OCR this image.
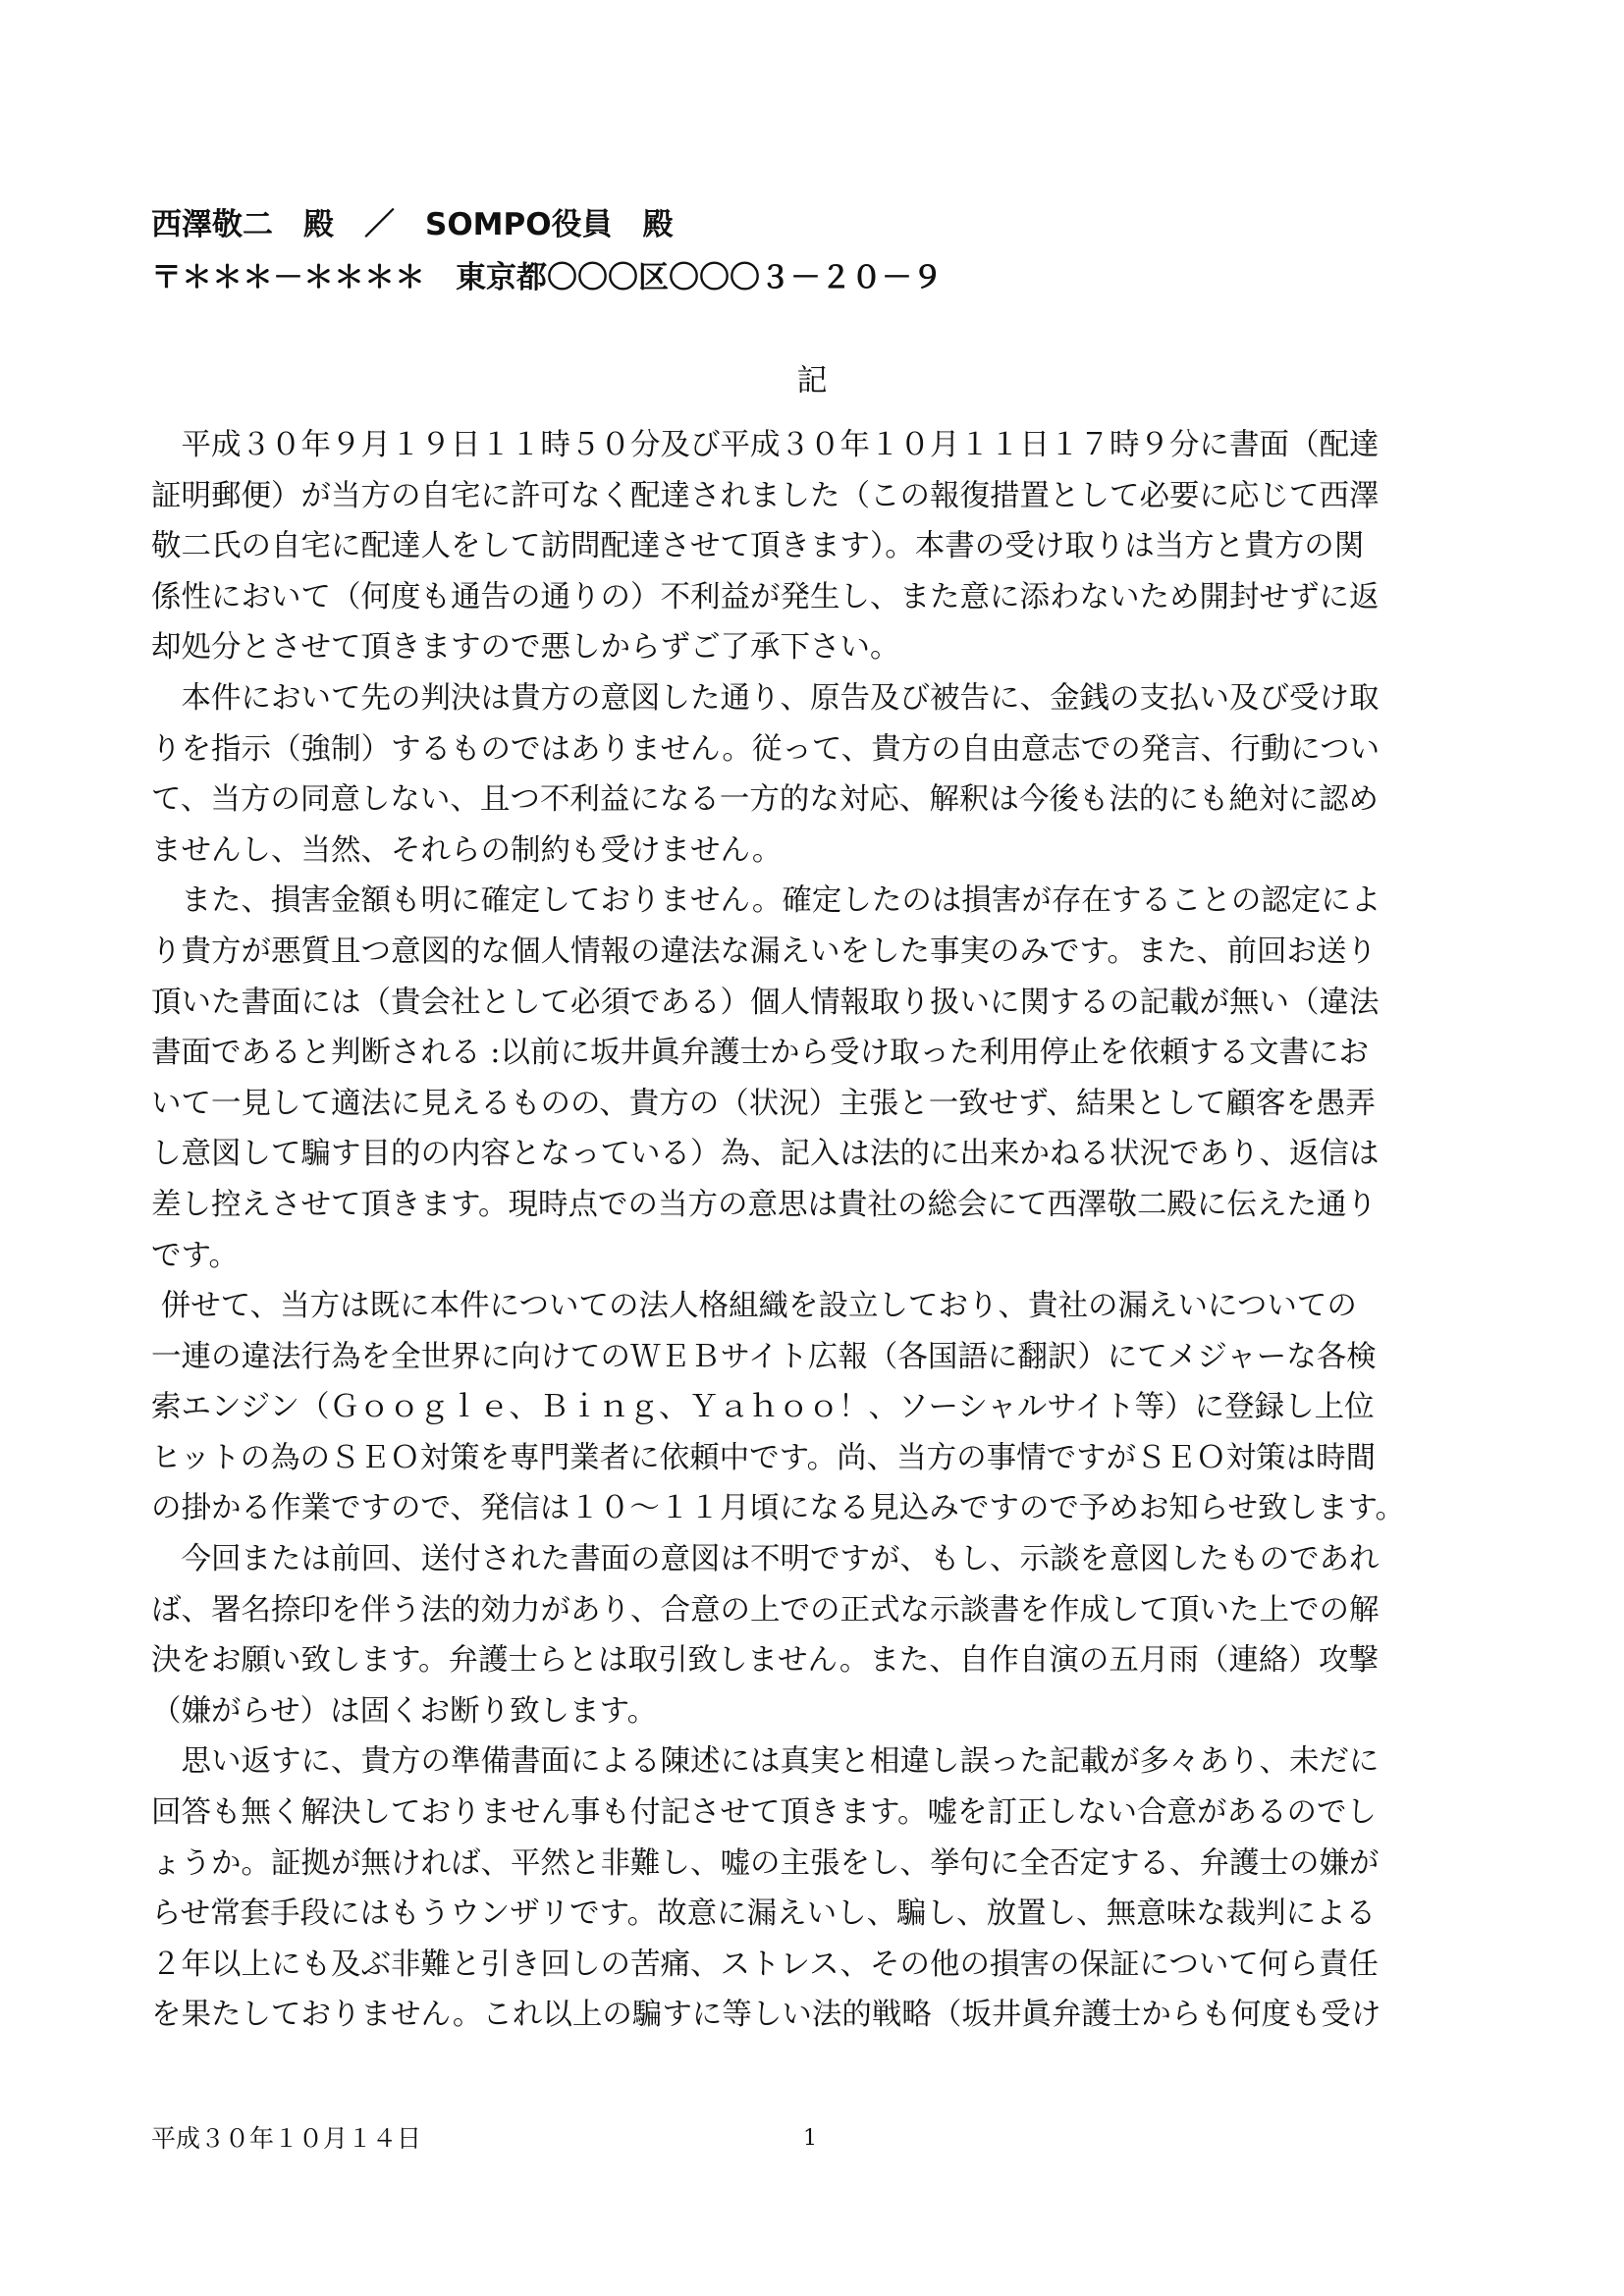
西澤敬二　殿　／　SOMPO役員　殿

〒＊＊＊－＊＊＊＊　東京都〇〇〇区〇〇〇３－２０－９

記

　平成３０年９月１９日１１時５０分及び平成３０年１０月１１日１７時９分に書面（配達

証明郵便）が当方の自宅に許可なく配達されました（この報復措置として必要に応じて西澤

敬二氏の自宅に配達人をして訪問配達させて頂きます）。本書の受け取りは当方と貴方の関

係性において（何度も通告の通りの）不利益が発生し、また意に添わないため開封せずに返

却処分とさせて頂きますので悪しからずご了承下さい。

　本件において先の判決は貴方の意図した通り、原告及び被告に、金銭の支払い及び受け取

りを指示（強制）するものではありません。従って、貴方の自由意志での発言、行動につい

て、当方の同意しない、且つ不利益になる一方的な対応、解釈は今後も法的にも絶対に認め

ませんし、当然、それらの制約も受けません。

　また、損害金額も明に確定しておりません。確定したのは損害が存在することの認定によ

り貴方が悪質且つ意図的な個人情報の違法な漏えいをした事実のみです。また、前回お送り

頂いた書面には（貴会社として必須である）個人情報取り扱いに関するの記載が無い（違法

書面であると判断される :以前に坂井眞弁護士から受け取った利用停止を依頼する文書にお

いて一見して適法に見えるものの、貴方の（状況）主張と一致せず、結果として顧客を愚弄

し意図して騙す目的の内容となっている）為、記入は法的に出来かねる状況であり、返信は

差し控えさせて頂きます。現時点での当方の意思は貴社の総会にて西澤敬二殿に伝えた通り

です。

併せて、当方は既に本件についての法人格組織を設立しており、貴社の漏えいについての

一連の違法行為を全世界に向けてのＷＥＢサイト広報（各国語に翻訳）にてメジャーな各検

索エンジン（Ｇｏｏｇｌｅ、Ｂｉｎｇ、Ｙａｈｏｏ！、ソーシャルサイト等）に登録し上位

ヒットの為のＳＥＯ対策を専門業者に依頼中です。尚、当方の事情ですがＳＥＯ対策は時間

の掛かる作業ですので、発信は１０～１１月頃になる見込みですので予めお知らせ致します。

　今回または前回、送付された書面の意図は不明ですが、もし、示談を意図したものであれ

ば、署名捺印を伴う法的効力があり、合意の上での正式な示談書を作成して頂いた上での解

決をお願い致します。弁護士らとは取引致しません。また、自作自演の五月雨（連絡）攻撃

（嫌がらせ）は固くお断り致します。

　思い返すに、貴方の準備書面による陳述には真実と相違し誤った記載が多々あり、未だに

回答も無く解決しておりません事も付記させて頂きます。嘘を訂正しない合意があるのでし

ょうか。証拠が無ければ、平然と非難し、嘘の主張をし、挙句に全否定する、弁護士の嫌が

らせ常套手段にはもうウンザリです。故意に漏えいし、騙し、放置し、無意味な裁判による

２年以上にも及ぶ非難と引き回しの苦痛、ストレス、その他の損害の保証について何ら責任

を果たしておりません。これ以上の騙すに等しい法的戦略（坂井眞弁護士からも何度も受け

平成３０年１０月１４日	1
